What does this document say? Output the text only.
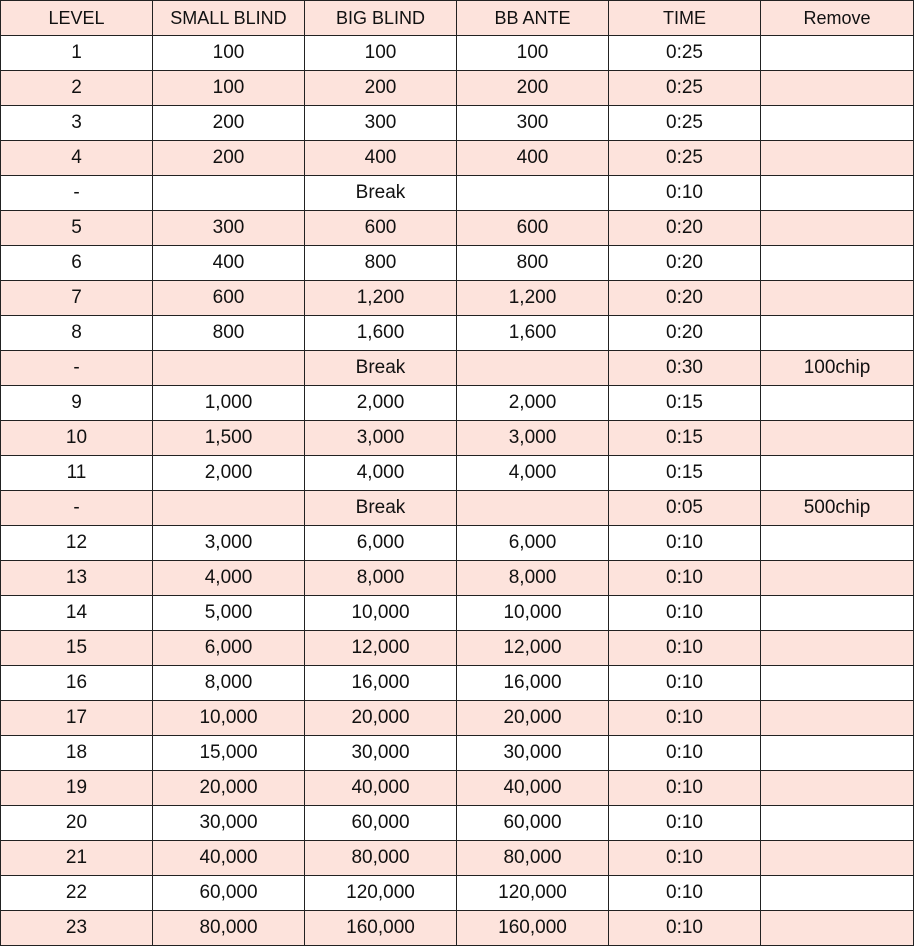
LEVEL	SMALL BLIND	BIG BLIND	BB ANTE	TIME	Remove
1	100	100	100	0:25	
2	100	200	200	0:25	
3	200	300	300	0:25	
4	200	400	400	0:25	
-		Break		0:10	
5	300	600	600	0:20	
6	400	800	800	0:20	
7	600	1,200	1,200	0:20	
8	800	1,600	1,600	0:20	
-		Break		0:30	100chip
9	1,000	2,000	2,000	0:15	
10	1,500	3,000	3,000	0:15	
11	2,000	4,000	4,000	0:15	
-		Break		0:05	500chip
12	3,000	6,000	6,000	0:10	
13	4,000	8,000	8,000	0:10	
14	5,000	10,000	10,000	0:10	
15	6,000	12,000	12,000	0:10	
16	8,000	16,000	16,000	0:10	
17	10,000	20,000	20,000	0:10	
18	15,000	30,000	30,000	0:10	
19	20,000	40,000	40,000	0:10	
20	30,000	60,000	60,000	0:10	
21	40,000	80,000	80,000	0:10	
22	60,000	120,000	120,000	0:10	
23	80,000	160,000	160,000	0:10	
